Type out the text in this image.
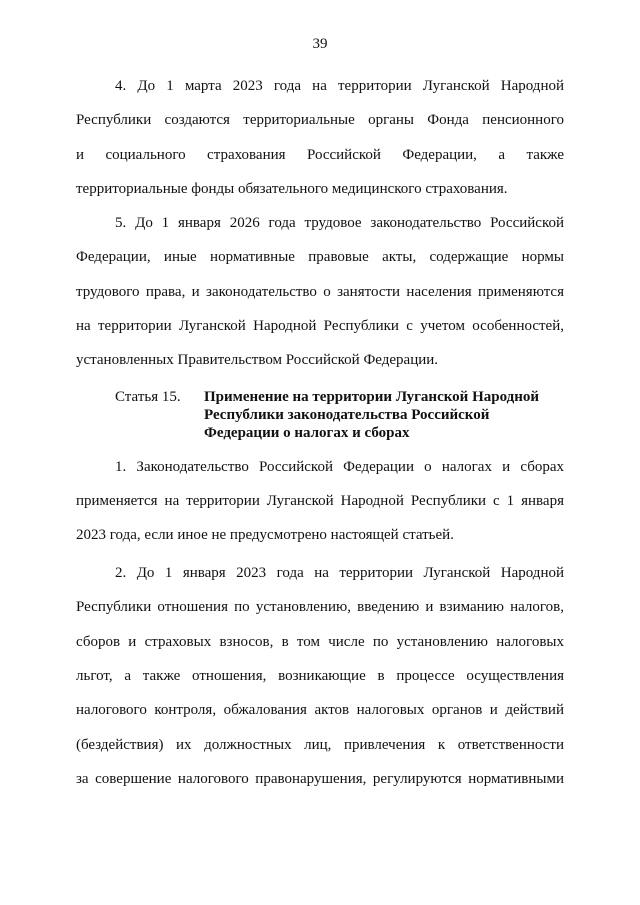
39
4. До 1 марта 2023 года на территории Луганской Народной
Республики создаются территориальные органы Фонда пенсионного
и социального страхования Российской Федерации, а также
территориальные фонды обязательного медицинского страхования.
5. До 1 января 2026 года трудовое законодательство Российской
Федерации, иные нормативные правовые акты, содержащие нормы
трудового права, и законодательство о занятости населения применяются
на территории Луганской Народной Республики с учетом особенностей,
установленных Правительством Российской Федерации.
Статья 15. Применение на территории Луганской Народной
Республики законодательства Российской
Федерации о налогах и сборах
1. Законодательство Российской Федерации о налогах и сборах
применяется на территории Луганской Народной Республики с 1 января
2023 года, если иное не предусмотрено настоящей статьей.
2. До 1 января 2023 года на территории Луганской Народной
Республики отношения по установлению, введению и взиманию налогов,
сборов и страховых взносов, в том числе по установлению налоговых
льгот, а также отношения, возникающие в процессе осуществления
налогового контроля, обжалования актов налоговых органов и действий
(бездействия) их должностных лиц, привлечения к ответственности
за совершение налогового правонарушения, регулируются нормативными
